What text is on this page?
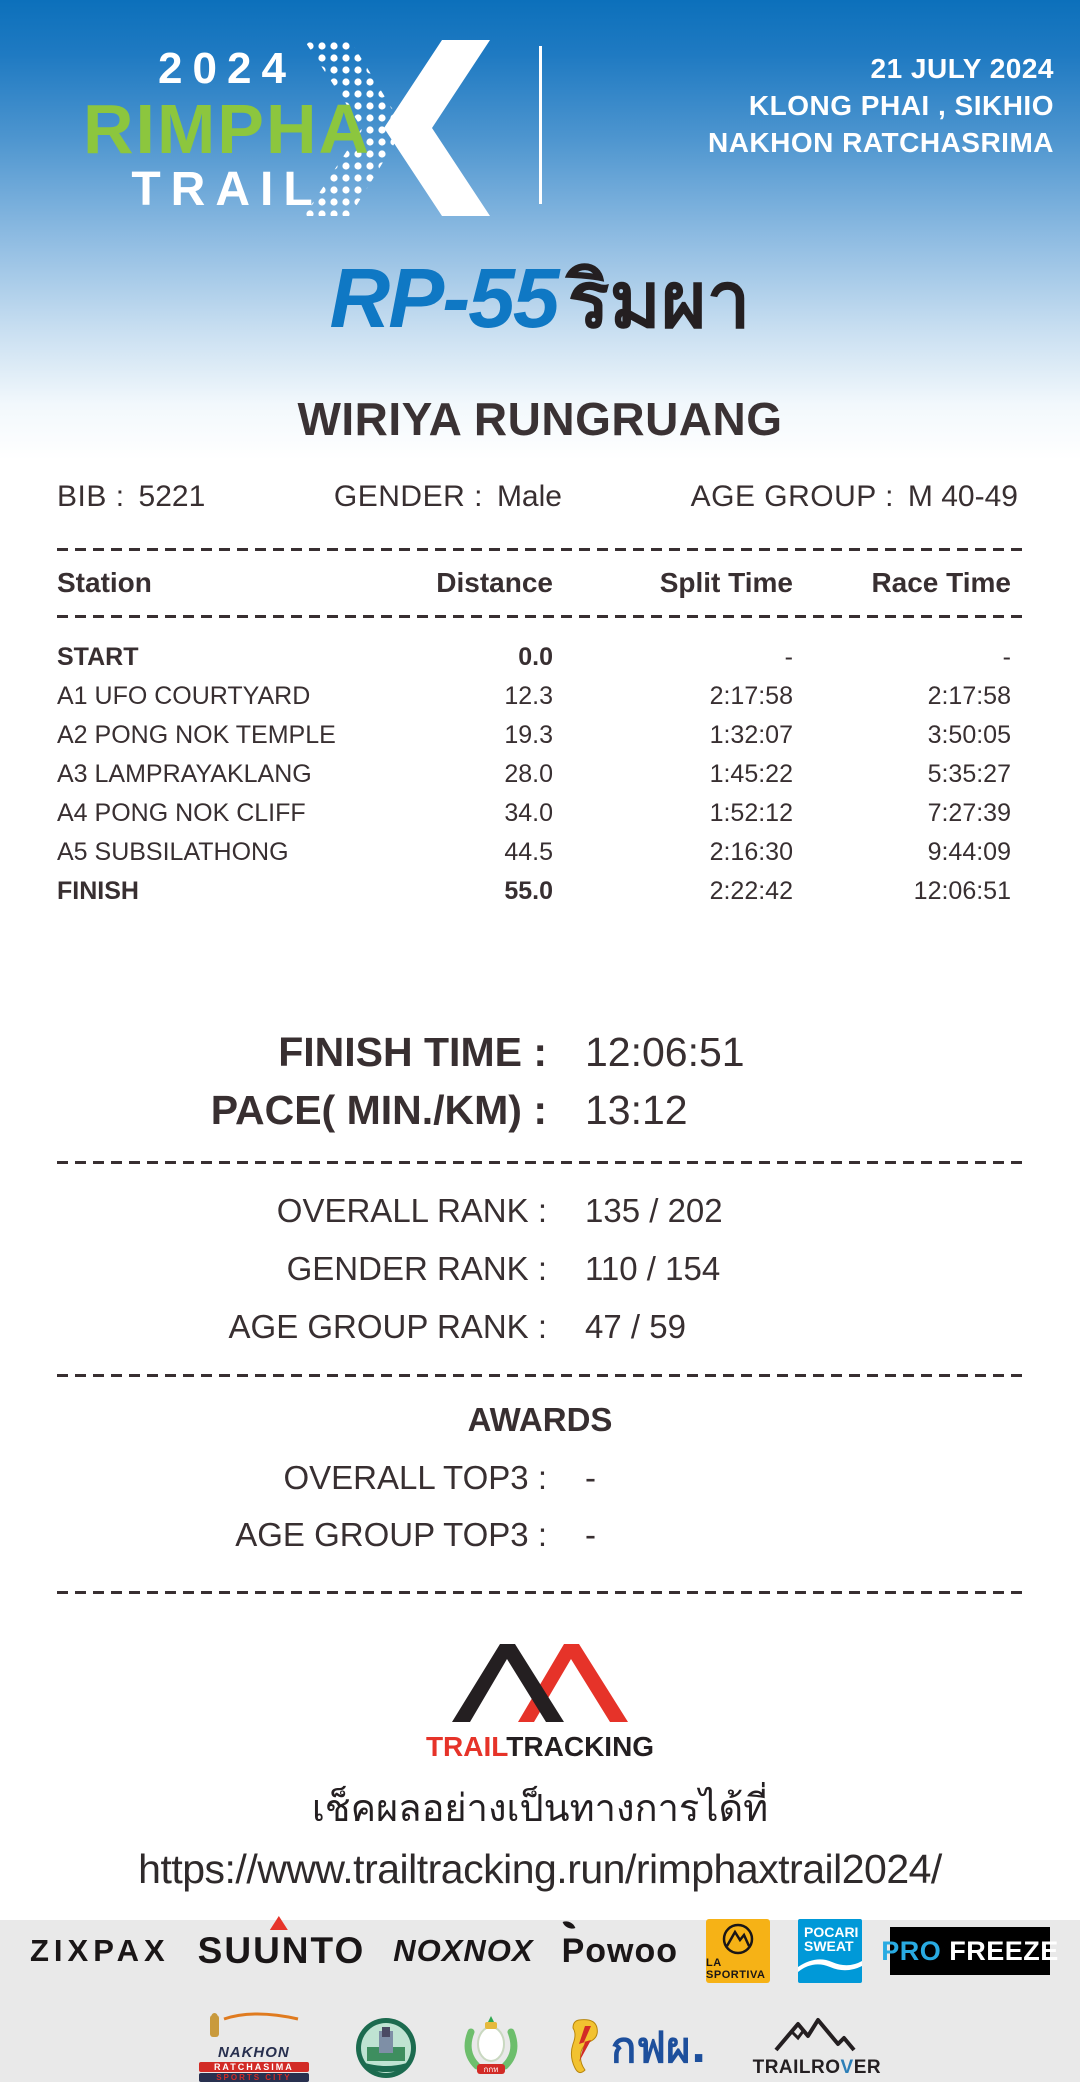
2024
RIMPHA
TRAIL
21 JULY 2024
KLONG PHAI , SIKHIO
NAKHON RATCHASRIMA
RP-55 ริมผา
WIRIYA RUNGRUANG
BIB : 5221	GENDER : Male	AGE GROUP : M 40-49
Station	Distance	Split Time	Race Time
START	0.0	-	-
A1 UFO COURTYARD	12.3	2:17:58	2:17:58
A2 PONG NOK TEMPLE	19.3	1:32:07	3:50:05
A3 LAMPRAYAKLANG	28.0	1:45:22	5:35:27
A4 PONG NOK CLIFF	34.0	1:52:12	7:27:39
A5 SUBSILATHONG	44.5	2:16:30	9:44:09
FINISH	55.0	2:22:42	12:06:51
FINISH TIME : 12:06:51
PACE( MIN./KM) : 13:12
OVERALL RANK :	135 / 202
GENDER RANK :	110 / 154
AGE GROUP RANK :	47 / 59
AWARDS
OVERALL TOP3 :	-
AGE GROUP TOP3 :	-
TRAILTRACKING
เช็คผลอย่างเป็นทางการได้ที่
https://www.trailtracking.run/rimphaxtrail2024/
ZIXPAX SUUNTO NOXNOX Powoo	LA SPORTIVA
POCARI
SWEAT	PRO FREEZE
NAKHON
RATCHASIMA
SPORTS CITY
กกท	กฟผ. TRAILROVER
